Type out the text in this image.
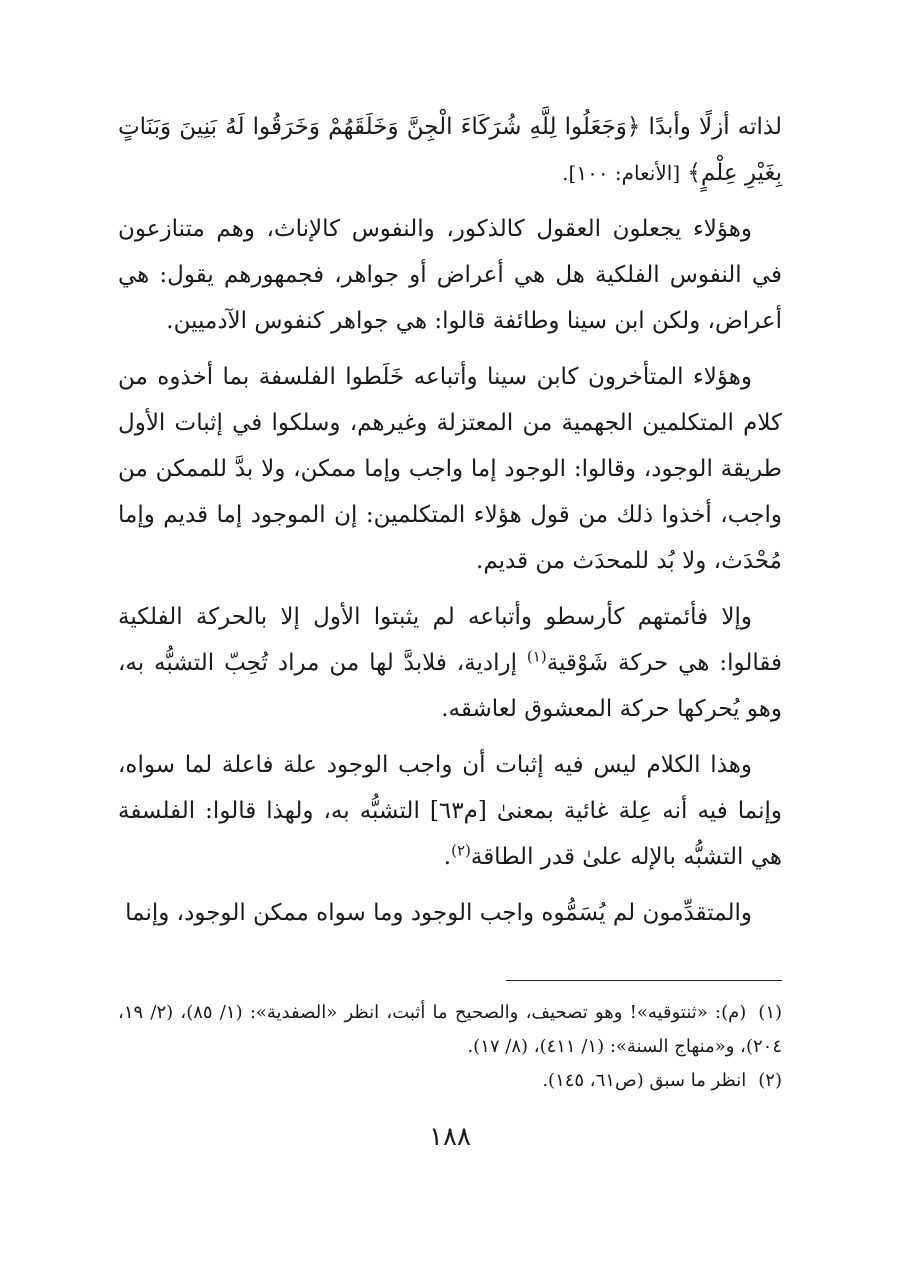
لذاته أزلًا وأبدًا ﴿وَجَعَلُوا لِلَّهِ شُرَكَاءَ الْجِنَّ وَخَلَقَهُمْ وَخَرَقُوا لَهُ بَنِينَ وَبَنَاتٍ بِغَيْرِ عِلْمٍ﴾ [الأنعام: ١٠٠].

وهؤلاء يجعلون العقول كالذكور، والنفوس كالإناث، وهم متنازعون في النفوس الفلكية هل هي أعراض أو جواهر، فجمهورهم يقول: هي أعراض، ولكن ابن سينا وطائفة قالوا: هي جواهر كنفوس الآدميين.

وهؤلاء المتأخرون كابن سينا وأتباعه خَلَطوا الفلسفة بما أخذوه من كلام المتكلمين الجهمية من المعتزلة وغيرهم، وسلكوا في إثبات الأول طريقة الوجود، وقالوا: الوجود إما واجب وإما ممكن، ولا بدَّ للممكن من واجب، أخذوا ذلك من قول هؤلاء المتكلمين: إن الموجود إما قديم وإما مُحْدَث، ولا بُد للمحدَث من قديم.

وإلا فأئمتهم كأرسطو وأتباعه لم يثبتوا الأول إلا بالحركة الفلكية فقالوا: هي حركة شَوْقية$^{(١)}$ إرادية، فلابدَّ لها من مراد تُحِبّ التشبُّه به، وهو يُحركها حركة المعشوق لعاشقه.

وهذا الكلام ليس فيه إثبات أن واجب الوجود علة فاعلة لما سواه، وإنما فيه أنه عِلة غائية بمعنىٰ [م٦٣] التشبُّه به، ولهذا قالوا: الفلسفة هي التشبُّه بالإله علىٰ قدر الطاقة$^{(٢)}$.

والمتقدِّمون لم يُسَمُّوه واجب الوجود وما سواه ممكن الوجود، وإنما

(١)(م): «ثنتوقيه»! وهو تصحيف، والصحيح ما أثبت، انظر «الصفدية»: (١/ ٨٥)، (٢/ ١٩، ٢٠٤)، و«منهاج السنة»: (١/ ٤١١)، (٨/ ١٧).

(٢)انظر ما سبق (ص٦١، ١٤٥).

١٨٨
